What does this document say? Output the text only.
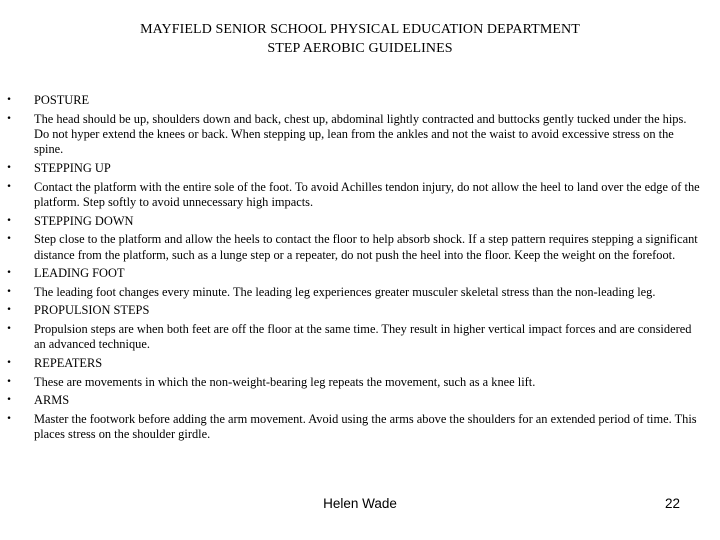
MAYFIELD SENIOR SCHOOL PHYSICAL EDUCATION DEPARTMENT
STEP AEROBIC GUIDELINES
• POSTURE
• The head should be up, shoulders down and back, chest up, abdominal lightly contracted and buttocks gently tucked under the hips. Do not hyper extend the knees or back. When stepping up, lean from the ankles and not the waist to avoid excessive stress on the spine.
• STEPPING UP
• Contact the platform with the entire sole of the foot. To avoid Achilles tendon injury, do not allow the heel to land over the edge of the platform. Step softly to avoid unnecessary high impacts.
• STEPPING DOWN
• Step close to the platform and allow the heels to contact the floor to help absorb shock. If a step pattern requires stepping a significant distance from the platform, such as a lunge step or a repeater, do not push the heel into the floor. Keep the weight on the forefoot.
• LEADING FOOT
• The leading foot changes every minute. The leading leg experiences greater musculer skeletal stress than the non-leading leg.
• PROPULSION STEPS
• Propulsion steps are when both feet are off the floor at the same time. They result in higher vertical impact forces and are considered an advanced technique.
• REPEATERS
• These are movements in which the non-weight-bearing leg repeats the movement, such as a knee lift.
• ARMS
• Master the footwork before adding the arm movement. Avoid using the arms above the shoulders for an extended period of time. This places stress on the shoulder girdle.
Helen Wade	22
